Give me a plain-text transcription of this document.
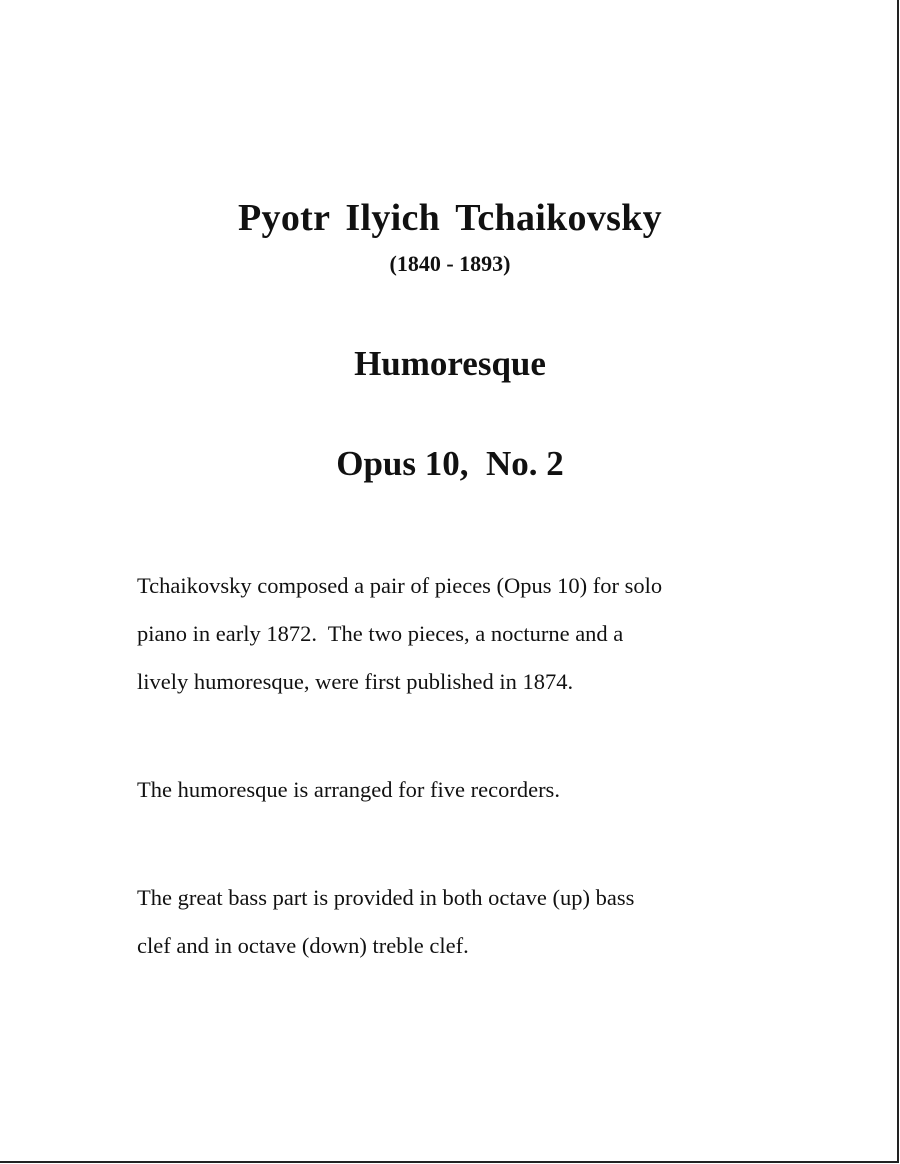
Pyotr Ilyich Tchaikovsky
(1840 - 1893)
Humoresque
Opus 10,  No. 2

Tchaikovsky composed a pair of pieces (Opus 10) for solo
piano in early 1872.  The two pieces, a nocturne and a
lively humoresque, were first published in 1874.

The humoresque is arranged for five recorders.

The great bass part is provided in both octave (up) bass
clef and in octave (down) treble clef.
